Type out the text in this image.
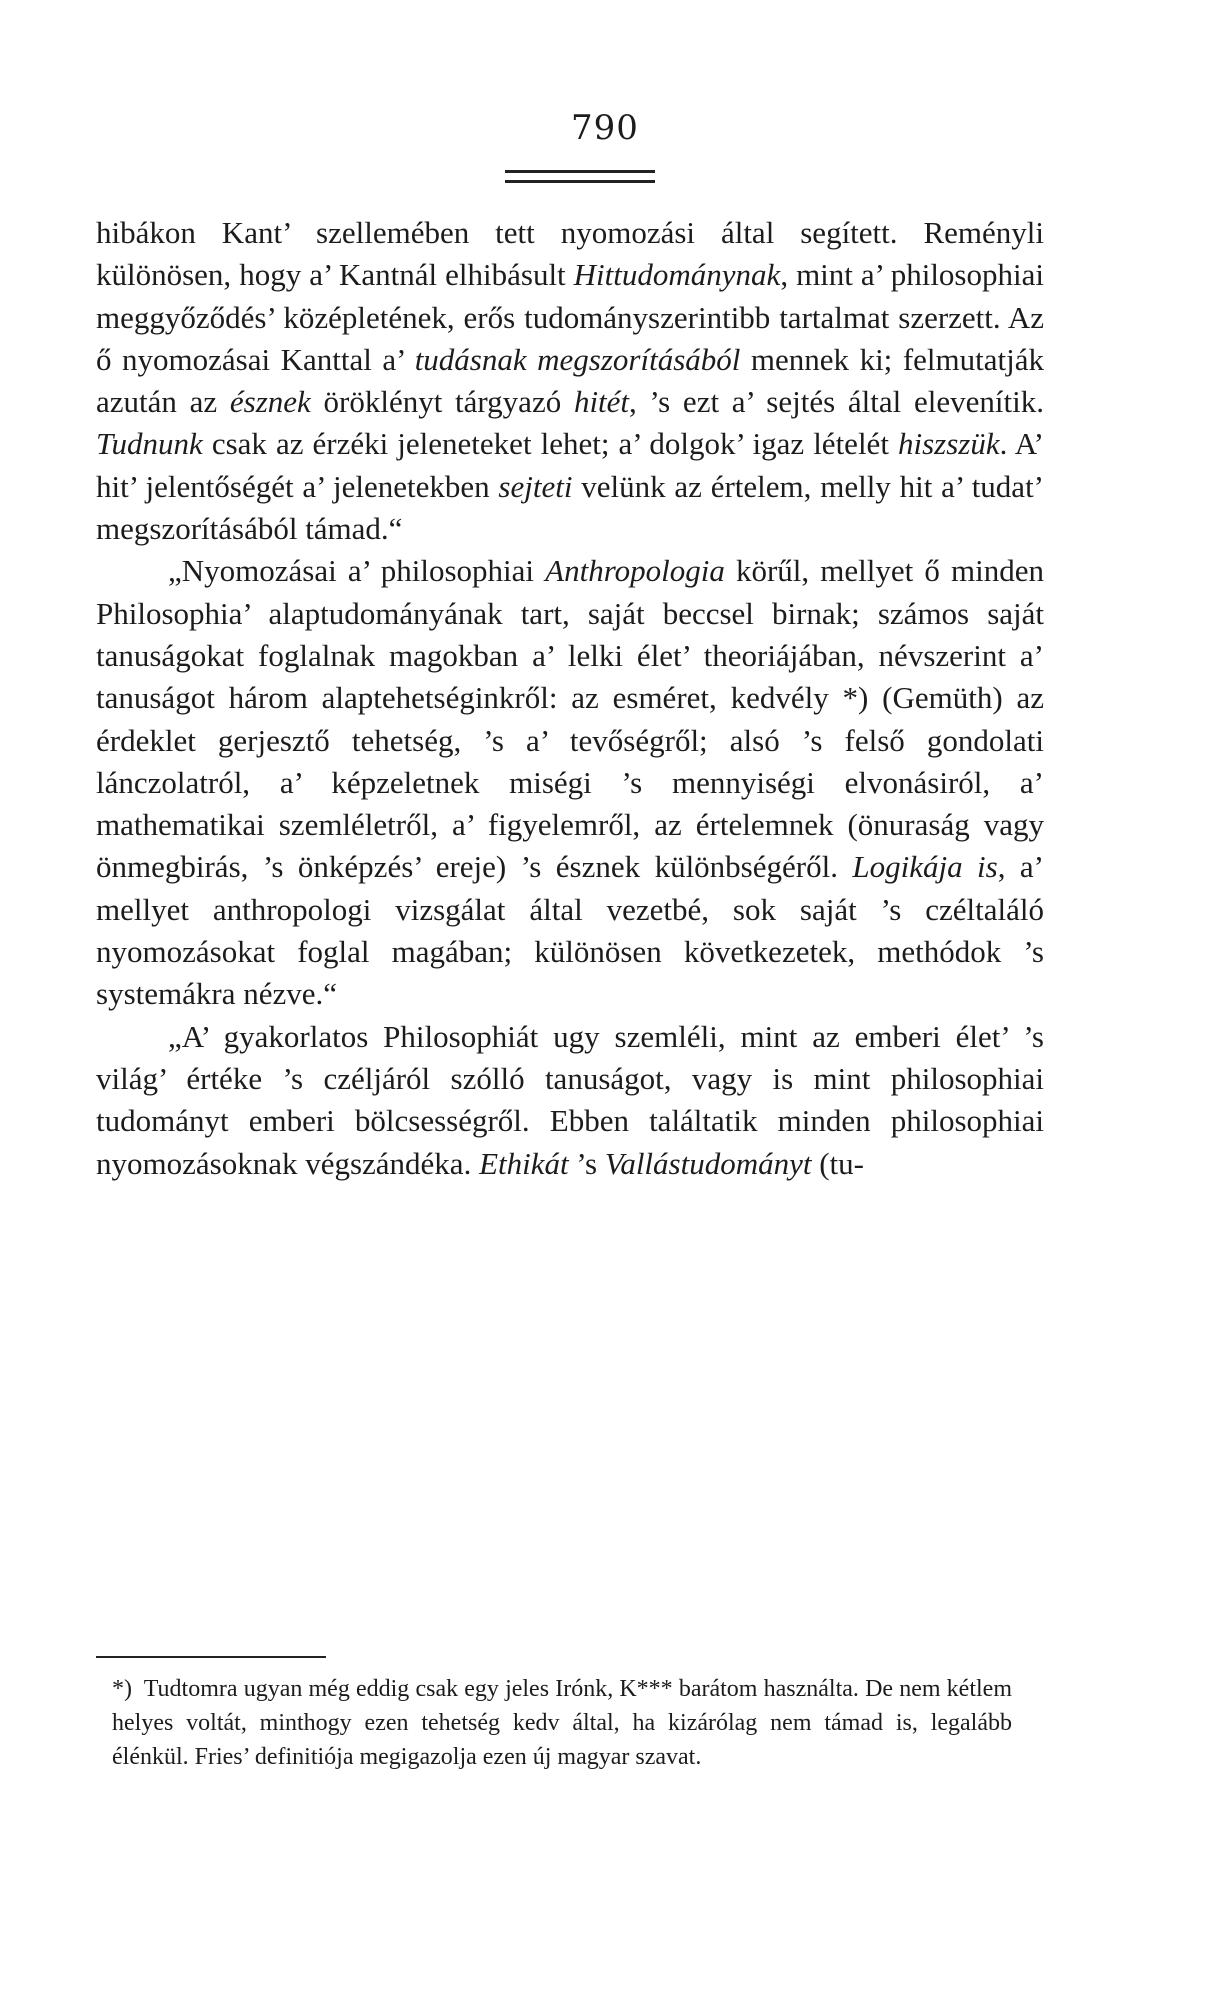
790

hibákon Kant’ szellemében tett nyomozási által segített. Reményli különösen, hogy a’ Kantnál elhibásult Hittudománynak, mint a’ philosophiai meggyőződés’ középletének, erős tudományszerintibb tartalmat szerzett. Az ő nyomozásai Kanttal a’ tudásnak megszorításából mennek ki; felmutatják azután az észnek öröklényt tárgyazó hitét, ’s ezt a’ sejtés által elevenítik. Tudnunk csak az érzéki jeleneteket lehet; a’ dolgok’ igaz lételét hiszszük. A’ hit’ jelentőségét a’ jelenetekben sejteti velünk az értelem, melly hit a’ tudat’ megszorításából támad.“

„Nyomozásai a’ philosophiai Anthropologia körűl, mellyet ő minden Philosophia’ alaptudományának tart, saját beccsel birnak; számos saját tanuságokat foglalnak magokban a’ lelki élet’ theoriájában, névszerint a’ tanuságot három alaptehetséginkről: az esméret, kedvély *) (Gemüth) az érdeklet gerjesztő tehetség, ’s a’ tevőségről; alsó ’s felső gondolati lánczolatról, a’ képzeletnek miségi ’s mennyiségi elvonásiról, a’ mathematikai szemléletről, a’ figyelemről, az értelemnek (önuraság vagy önmegbirás, ’s önképzés’ ereje) ’s észnek különbségéről. Logikája is, a’ mellyet anthropologi vizsgálat által vezetbé, sok saját ’s czéltaláló nyomozásokat foglal magában; különösen következetek, methódok ’s systemákra nézve.“

„A’ gyakorlatos Philosophiát ugy szemléli, mint az emberi élet’ ’s világ’ értéke ’s czéljáról szólló tanuságot, vagy is mint philosophiai tudományt emberi bölcsességről. Ebben találtatik minden philosophiai nyomozásoknak végszándéka. Ethikát ’s Vallástudományt (tu-

*) Tudtomra ugyan még eddig csak egy jeles Irónk, K*** barátom használta. De nem kétlem helyes voltát, minthogy ezen tehetség kedv által, ha kizárólag nem támad is, legalább élénkül. Fries’ definitiója megigazolja ezen új magyar szavat.
